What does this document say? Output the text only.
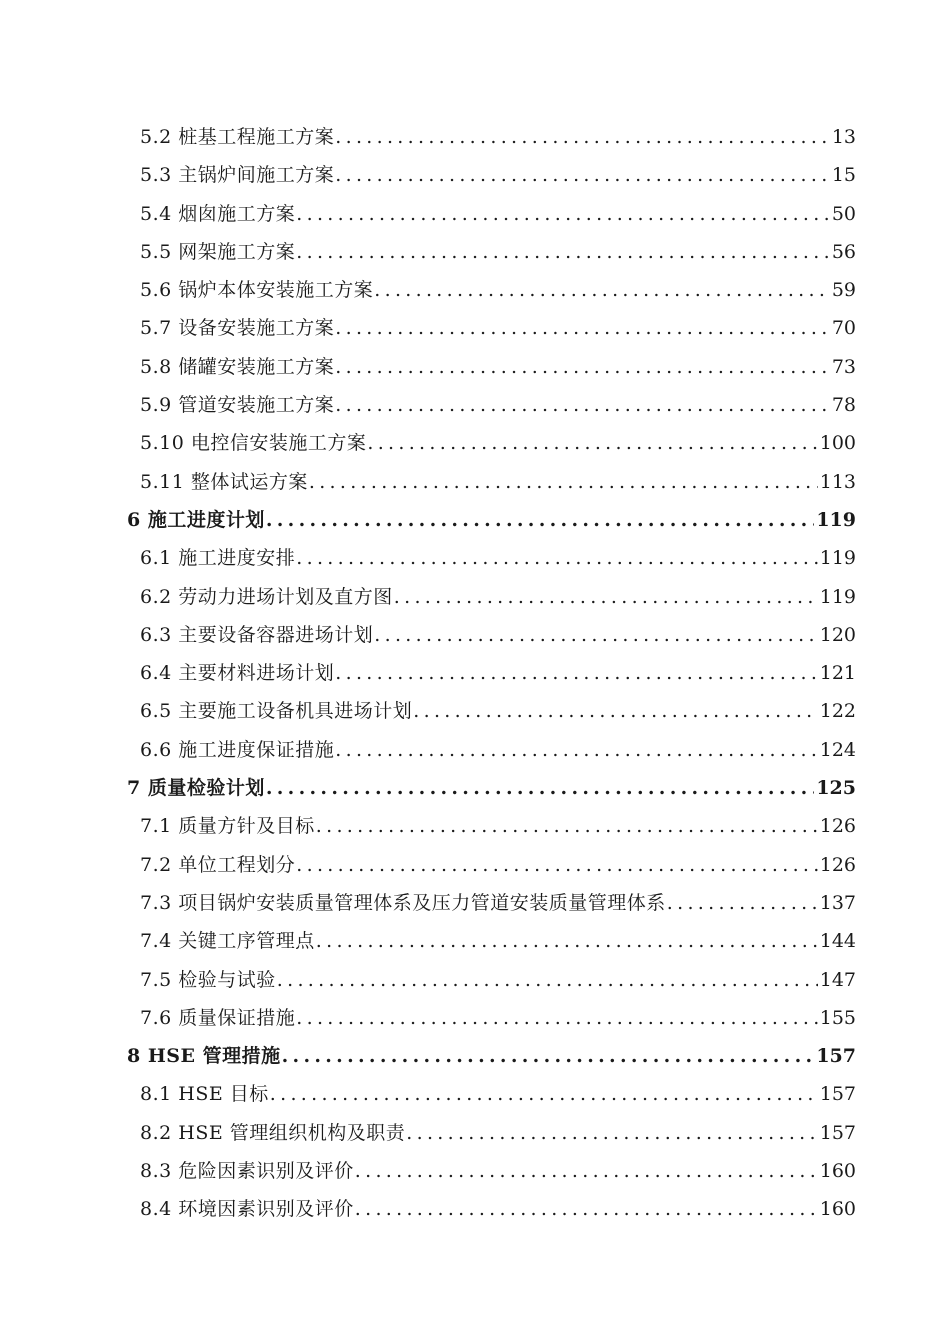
5.2 桩基工程施工方案 .....	13
5.3 主锅炉间施工方案 .....	15
5.4 烟囱施工方案 .....	50
5.5 网架施工方案 .....	56
5.6 锅炉本体安装施工方案 .....	59
5.7 设备安装施工方案 .....	70
5.8 储罐安装施工方案 .....	73
5.9 管道安装施工方案 .....	78
5.10 电控信安装施工方案 .....	100
5.11 整体试运方案 .....	113
6 施工进度计划 .....	119
6.1 施工进度安排 .....	119
6.2 劳动力进场计划及直方图 .....	119
6.3 主要设备容器进场计划 .....	120
6.4 主要材料进场计划 .....	121
6.5 主要施工设备机具进场计划 .....	122
6.6 施工进度保证措施 .....	124
7 质量检验计划 .....	125
7.1 质量方针及目标 .....	126
7.2 单位工程划分 .....	126
7.3 项目锅炉安装质量管理体系及压力管道安装质量管理体系 .....	137
7.4 关键工序管理点 .....	144
7.5 检验与试验 .....	147
7.6 质量保证措施 .....	155
8 HSE 管理措施 .....	157
8.1 HSE 目标 .....	157
8.2 HSE 管理组织机构及职责 .....	157
8.3 危险因素识别及评价 .....	160
8.4 环境因素识别及评价 .....	160
